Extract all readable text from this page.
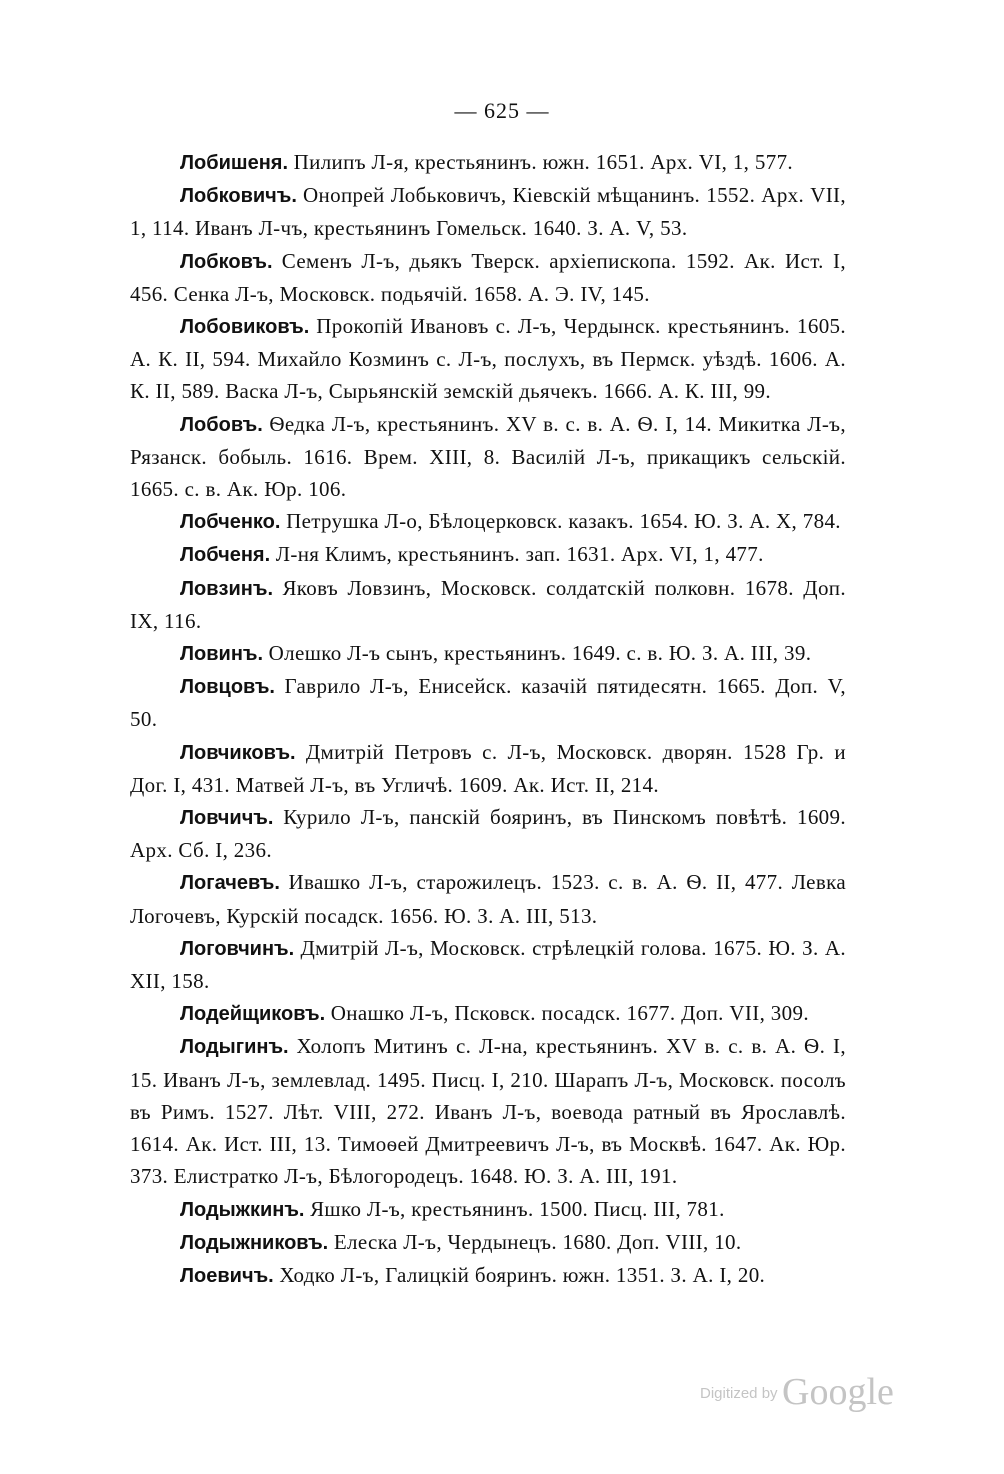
— 625 —

Лобишеня. Пилипъ Л-я, крестьянинъ. южн. 1651. Арх. VI, 1, 577.

Лобковичъ. Онопрей Лобьковичъ, Кіевскій мѣщанинъ. 1552. Арх. VII, 1, 114. Иванъ Л-чъ, крестьянинъ Гомельск. 1640. З. А. V, 53.

Лобковъ. Семенъ Л-ъ, дьякъ Тверск. архіепископа. 1592. Ак. Ист. I, 456. Сенка Л-ъ, Московск. подьячій. 1658. А. Э. IV, 145.

Лобовиковъ. Прокопій Ивановъ с. Л-ъ, Чердынск. крестьянинъ. 1605. А. К. II, 594. Михайло Козминъ с. Л-ъ, послухъ, въ Пермск. уѣздѣ. 1606. А. К. II, 589. Васка Л-ъ, Сырьянскій земскій дьячекъ. 1666. А. К. III, 99.

Лобовъ. Ѳедка Л-ъ, крестьянинъ. XV в. с. в. А. Ѳ. I, 14. Микитка Л-ъ, Рязанск. бобыль. 1616. Врем. XIII, 8. Василій Л-ъ, прикащикъ сельскій. 1665. с. в. Ак. Юр. 106.

Лобченко. Петрушка Л-о, Бѣлоцерковск. казакъ. 1654. Ю. З. А. X, 784.

Лобченя. Л-ня Климъ, крестьянинъ. зап. 1631. Арх. VI, 1, 477.

Ловзинъ. Яковъ Ловзинъ, Московск. солдатскій полковн. 1678. Доп. IX, 116.

Ловинъ. Олешко Л-ъ сынъ, крестьянинъ. 1649. с. в. Ю. З. А. III, 39.

Ловцовъ. Гаврило Л-ъ, Енисейск. казачій пятидесятн. 1665. Доп. V, 50.

Ловчиковъ. Дмитрій Петровъ с. Л-ъ, Московск. дворян. 1528 Гр. и Дог. I, 431. Матвей Л-ъ, въ Угличѣ. 1609. Ак. Ист. II, 214.

Ловчичъ. Курило Л-ъ, панскій бояринъ, въ Пинскомъ повѣтѣ. 1609. Арх. Сб. I, 236.

Логачевъ. Ивашко Л-ъ, старожилецъ. 1523. с. в. А. Ѳ. II, 477. Левка Логочевъ, Курскій посадск. 1656. Ю. З. А. III, 513.

Логовчинъ. Дмитрій Л-ъ, Московск. стрѣлецкій голова. 1675. Ю. З. А. XII, 158.

Лодейщиковъ. Онашко Л-ъ, Псковск. посадск. 1677. Доп. VII, 309.

Лодыгинъ. Холопъ Митинъ с. Л-на, крестьянинъ. XV в. с. в. А. Ѳ. I, 15. Иванъ Л-ъ, землевлад. 1495. Писц. I, 210. Шарапъ Л-ъ, Московск. посолъ въ Римъ. 1527. Лѣт. VIII, 272. Иванъ Л-ъ, воевода ратный въ Ярославлѣ. 1614. Ак. Ист. III, 13. Тимоѳей Дмитреевичъ Л-ъ, въ Москвѣ. 1647. Ак. Юр. 373. Елистратко Л-ъ, Бѣлогородецъ. 1648. Ю. З. А. III, 191.

Лодыжкинъ. Яшко Л-ъ, крестьянинъ. 1500. Писц. III, 781.

Лодыжниковъ. Елеска Л-ъ, Чердынецъ. 1680. Доп. VIII, 10.

Лоевичъ. Ходко Л-ъ, Галицкій бояринъ. южн. 1351. З. А. I, 20.

Digitized by Google
